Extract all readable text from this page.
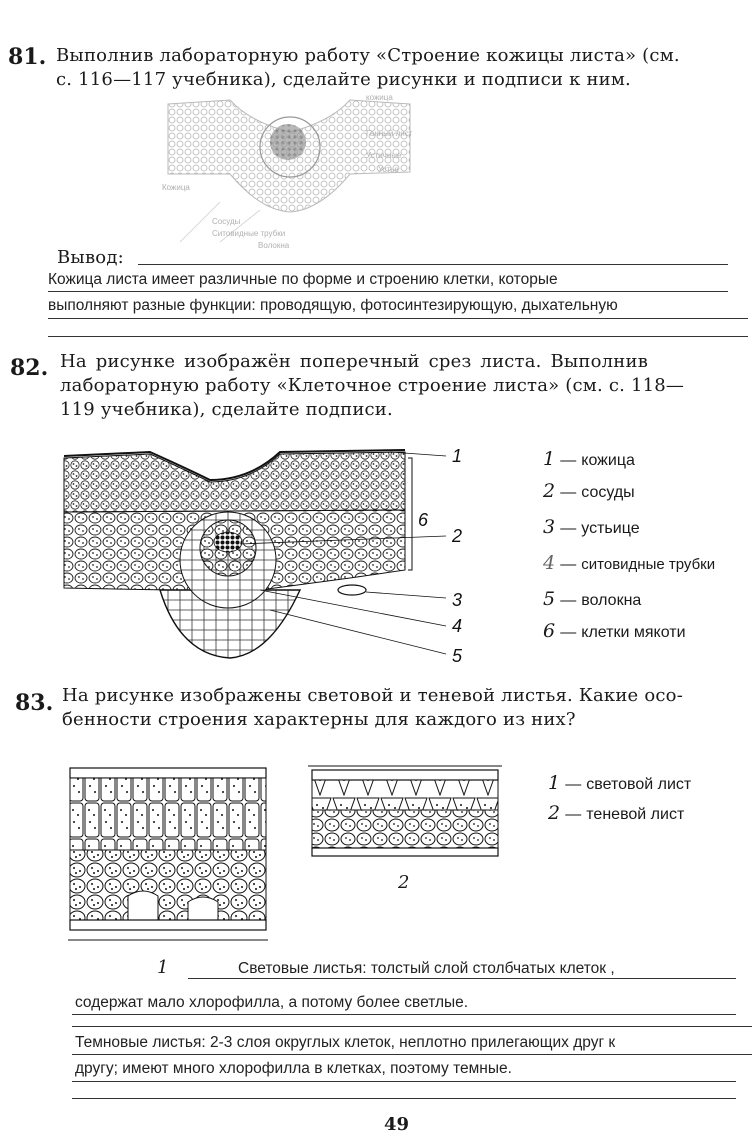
81. Выполнив лабораторную работу «Строение кожицы листа» (см.
с. 116—117 учебника), сделайте рисунки и подписи к ним.
кожица
Ганный лист
Устичные
Устье
Кожица
Сосуды
Ситовидные трубки
Волокна
Вывод:
Кожица листа имеет различные по форме и строению клетки, которые
выполняют разные функции: проводящую, фотосинтезирующую, дыхательную
82. На рисунке изображён поперечный срез листа. Выполнив
лабораторную работу «Клеточное строение листа» (см. с. 118—
119 учебника), сделайте подписи.
1
6
2
3
4
5
1 — кожица
2 — сосуды
3 — устьице
4 — ситовидные трубки
5 — волокна
6 — клетки мякоти
83. На рисунке изображены световой и теневой листья. Какие осо-
бенности строения характерны для каждого из них?
1
2
1 — световой лист
2 — теневой лист
Световые листья: толстый слой столбчатых клеток ,
содержат мало хлорофилла, а потому более светлые.
Темновые листья: 2-3 слоя округлых клеток, неплотно прилегающих друг к
другу; имеют много хлорофилла в клетках, поэтому темные.
49
